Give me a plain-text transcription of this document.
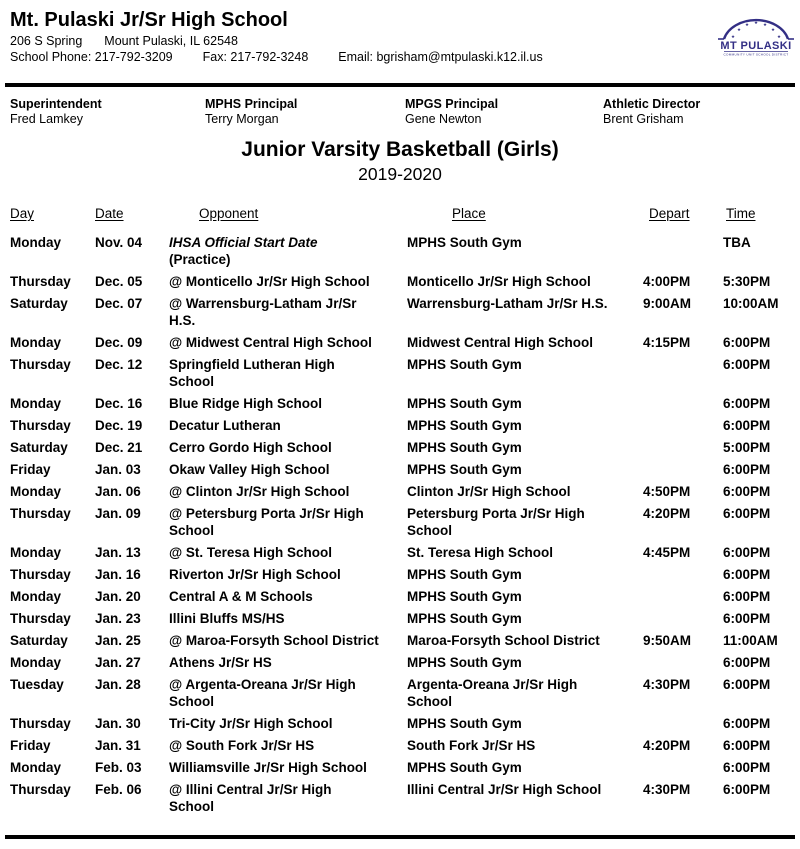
Mt. Pulaski Jr/Sr High School
206 S Spring Mount Pulaski, IL 62548
School Phone: 217-792-3209 Fax: 217-792-3248 Email: bgrisham@mtpulaski.k12.il.us
★
★
★ ★ ★
★
★
MT PULASKI
COMMUNITY UNIT SCHOOL DISTRICT
Superintendent
Fred Lamkey
MPHS Principal
Terry Morgan
MPGS Principal
Gene Newton
Athletic Director
Brent Grisham
Junior Varsity Basketball (Girls)
2019-2020
Day	Date	Opponent	Place	Depart	Time
Monday	Nov. 04	IHSA Official Start Date
(Practice)
MPHS South Gym	TBA
Thursday	Dec. 05	@ Monticello Jr/Sr High School	Monticello Jr/Sr High School	4:00PM	5:30PM
Saturday	Dec. 07	@ Warrensburg-Latham Jr/Sr
H.S.
Warrensburg-Latham Jr/Sr H.S.	9:00AM	10:00AM
Monday	Dec. 09	@ Midwest Central High School	Midwest Central High School	4:15PM	6:00PM
Thursday	Dec. 12	Springfield Lutheran High
School
MPHS South Gym	6:00PM
Monday	Dec. 16	Blue Ridge High School	MPHS South Gym	6:00PM
Thursday	Dec. 19	Decatur Lutheran	MPHS South Gym	6:00PM
Saturday	Dec. 21	Cerro Gordo High School	MPHS South Gym	5:00PM
Friday	Jan. 03	Okaw Valley High School	MPHS South Gym	6:00PM
Monday	Jan. 06	@ Clinton Jr/Sr High School	Clinton Jr/Sr High School	4:50PM	6:00PM
Thursday	Jan. 09	@ Petersburg Porta Jr/Sr High
School
Petersburg Porta Jr/Sr High
School
4:20PM	6:00PM
Monday	Jan. 13	@ St. Teresa High School	St. Teresa High School	4:45PM	6:00PM
Thursday	Jan. 16	Riverton Jr/Sr High School	MPHS South Gym	6:00PM
Monday	Jan. 20	Central A & M Schools	MPHS South Gym	6:00PM
Thursday	Jan. 23	Illini Bluffs MS/HS	MPHS South Gym	6:00PM
Saturday	Jan. 25	@ Maroa-Forsyth School District	Maroa-Forsyth School District	9:50AM	11:00AM
Monday	Jan. 27	Athens Jr/Sr HS	MPHS South Gym	6:00PM
Tuesday	Jan. 28	@ Argenta-Oreana Jr/Sr High
School
Argenta-Oreana Jr/Sr High
School
4:30PM	6:00PM
Thursday	Jan. 30	Tri-City Jr/Sr High School	MPHS South Gym	6:00PM
Friday	Jan. 31	@ South Fork Jr/Sr HS	South Fork Jr/Sr HS	4:20PM	6:00PM
Monday	Feb. 03	Williamsville Jr/Sr High School	MPHS South Gym	6:00PM
Thursday	Feb. 06	@ Illini Central Jr/Sr High
School
Illini Central Jr/Sr High School	4:30PM	6:00PM
